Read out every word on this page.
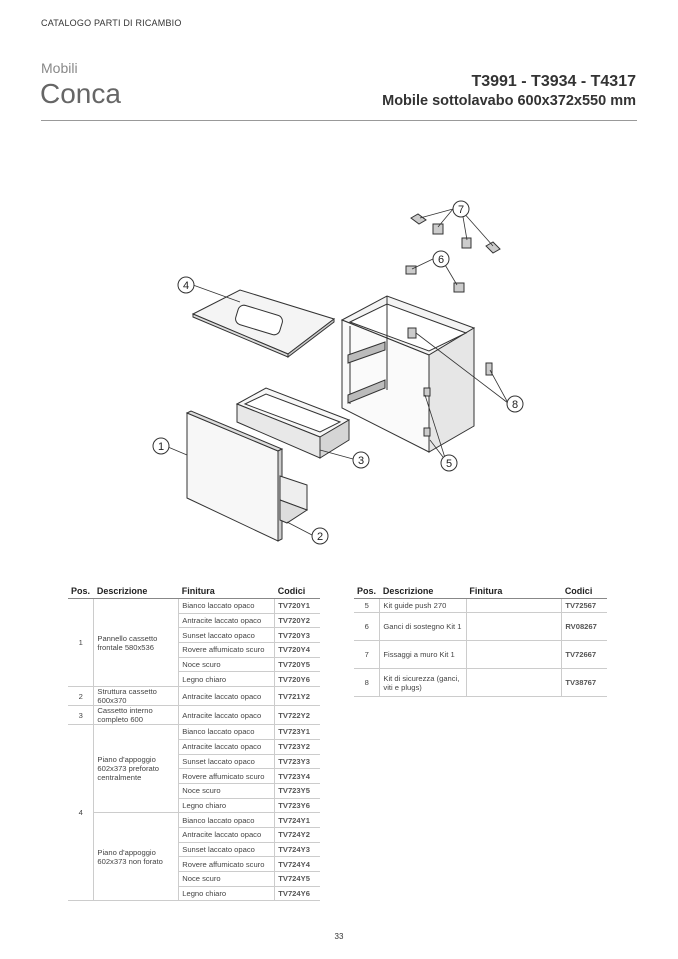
CATALOGO PARTI DI RICAMBIO
Mobili
Conca	T3991 - T3934 - T4317
Mobile sottolavabo 600x372x550 mm
1
2
3
4
5
6
7
8
Pos.	Descrizione	Finitura	Codici
1	Pannello cassetto frontale 580x536	Bianco laccato opaco	TV720Y1
		Antracite laccato opaco	TV720Y2
		Sunset laccato opaco	TV720Y3
		Rovere affumicato scuro	TV720Y4
		Noce scuro	TV720Y5
		Legno chiaro	TV720Y6
2	Struttura cassetto 600x370	Antracite laccato opaco	TV721Y2
3	Cassetto interno completo 600	Antracite laccato opaco	TV722Y2
4	Piano d'appoggio 602x373 preforato centralmente	Bianco laccato opaco	TV723Y1
		Antracite laccato opaco	TV723Y2
		Sunset laccato opaco	TV723Y3
		Rovere affumicato scuro	TV723Y4
		Noce scuro	TV723Y5
		Legno chiaro	TV723Y6
	Piano d'appoggio 602x373 non forato	Bianco laccato opaco	TV724Y1
		Antracite laccato opaco	TV724Y2
		Sunset laccato opaco	TV724Y3
		Rovere affumicato scuro	TV724Y4
		Noce scuro	TV724Y5
		Legno chiaro	TV724Y6
Pos.	Descrizione	Finitura	Codici
5	Kit guide push 270		TV72567
6	Ganci di sostegno Kit 1		RV08267
7	Fissaggi a muro Kit 1		TV72667
8	Kit di sicurezza (ganci, viti e plugs)		TV38767
33
